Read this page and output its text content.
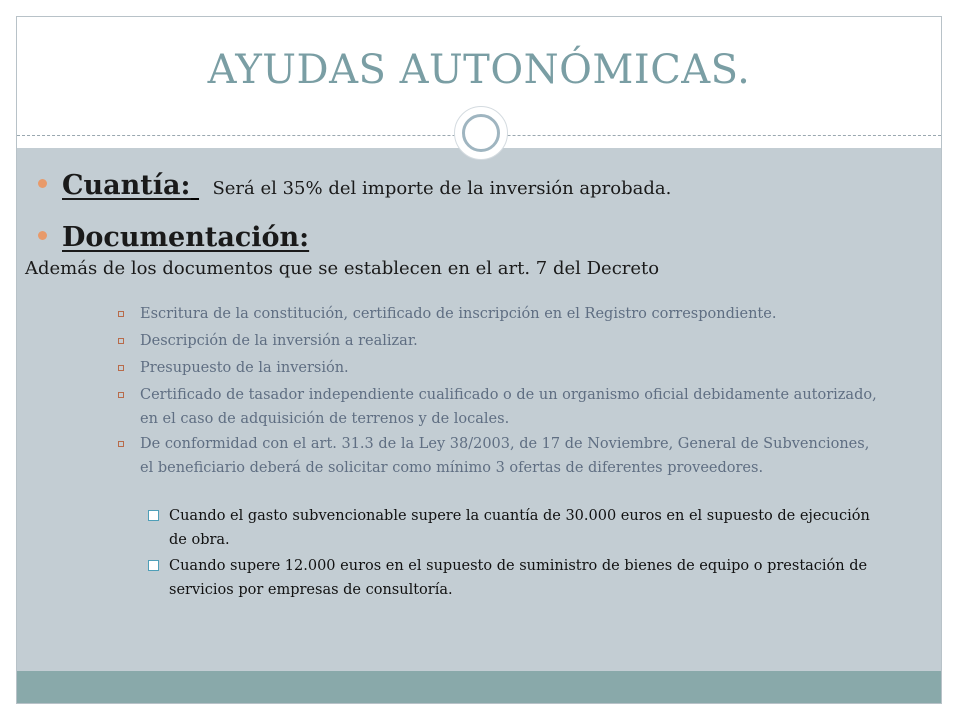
AYUDAS AUTONÓMICAS.
Cuantía:
Será el 35% del importe de la inversión aprobada.
Documentación:
Además de los documentos que se establecen en el art. 7 del Decreto
Escritura de la constitución, certificado de inscripción en el Registro correspondiente.
Descripción de la inversión a realizar.
Presupuesto de la inversión.
Certificado de tasador independiente cualificado o de un organismo oficial debidamente autorizado, en el caso de adquisición de terrenos y de locales.
De conformidad con el art. 31.3 de la Ley 38/2003, de 17 de Noviembre, General de Subvenciones, el beneficiario deberá de solicitar como mínimo 3 ofertas de diferentes proveedores.
Cuando el gasto subvencionable supere la cuantía de 30.000 euros en el supuesto de ejecución de obra.
Cuando supere 12.000 euros en el supuesto de suministro de bienes de equipo o prestación de servicios por empresas de consultoría.
